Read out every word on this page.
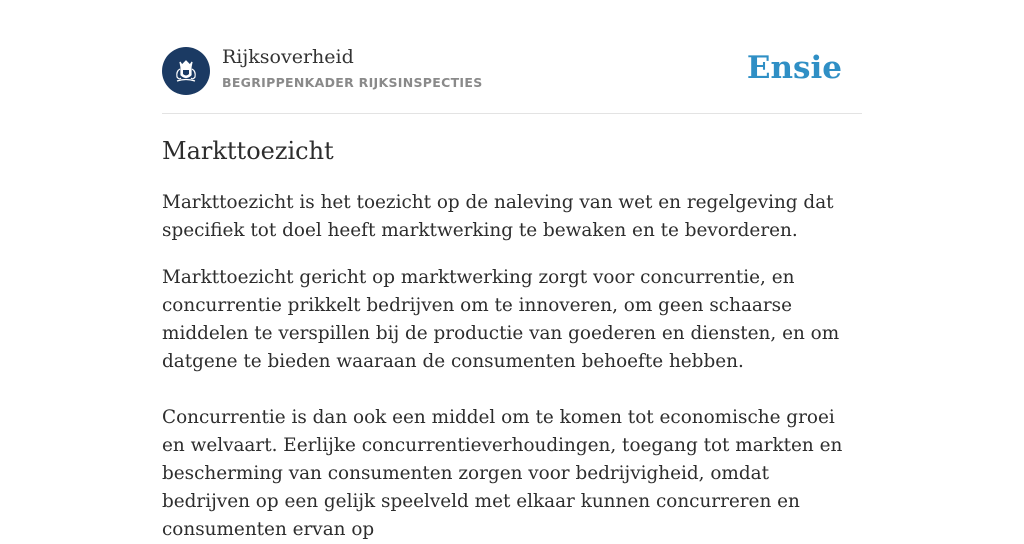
Rijksoverheid
BEGRIPPENKADER RIJKSINSPECTIES	Ensie
Markttoezicht

Markttoezicht is het toezicht op de naleving van wet en regelgeving dat specifiek tot doel heeft marktwerking te bewaken en te bevorderen.

Markttoezicht gericht op marktwerking zorgt voor concurrentie, en concurrentie prikkelt bedrijven om te innoveren, om geen schaarse middelen te verspillen bij de productie van goederen en diensten, en om datgene te bieden waaraan de consumenten behoefte hebben.

Concurrentie is dan ook een middel om te komen tot economische groei en welvaart. Eerlijke concurrentieverhoudingen, toegang tot markten en bescherming van consumenten zorgen voor bedrijvigheid, omdat bedrijven op een gelijk speelveld met elkaar kunnen concurreren en consumenten ervan op
